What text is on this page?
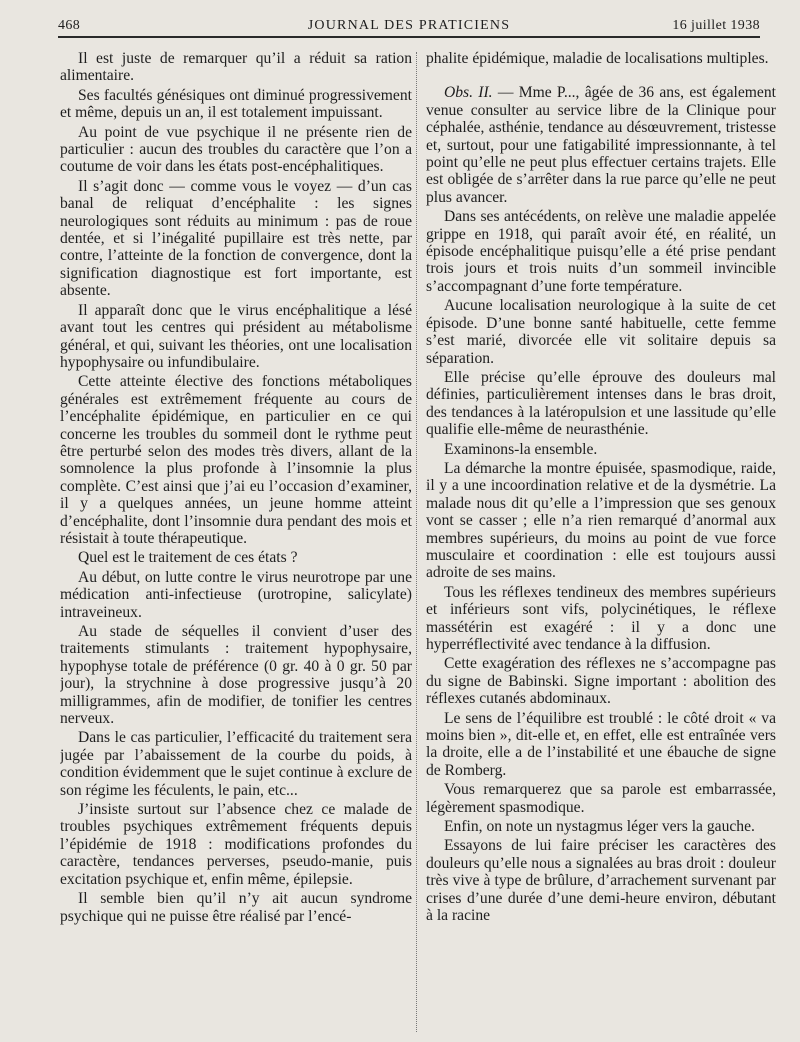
468	JOURNAL DES PRATICIENS	16 juillet 1938

Il est juste de remarquer qu’il a réduit sa ration alimentaire.

Ses facultés génésiques ont diminué progressivement et même, depuis un an, il est totalement impuissant.

Au point de vue psychique il ne présente rien de particulier : aucun des troubles du caractère que l’on a coutume de voir dans les états post-encéphalitiques.

Il s’agit donc — comme vous le voyez — d’un cas banal de reliquat d’encéphalite : les signes neurologiques sont réduits au minimum : pas de roue dentée, et si l’inégalité pupillaire est très nette, par contre, l’atteinte de la fonction de convergence, dont la signification diagnostique est fort importante, est absente.

Il apparaît donc que le virus encéphalitique a lésé avant tout les centres qui président au métabolisme général, et qui, suivant les théories, ont une localisation hypophysaire ou infundibulaire.

Cette atteinte élective des fonctions métaboliques générales est extrêmement fréquente au cours de l’encéphalite épidémique, en particulier en ce qui concerne les troubles du sommeil dont le rythme peut être perturbé selon des modes très divers, allant de la somnolence la plus profonde à l’insomnie la plus complète. C’est ainsi que j’ai eu l’occasion d’examiner, il y a quelques années, un jeune homme atteint d’encéphalite, dont l’insomnie dura pendant des mois et résistait à toute thérapeutique.

Quel est le traitement de ces états ?

Au début, on lutte contre le virus neurotrope par une médication anti-infectieuse (urotropine, salicylate) intraveineux.

Au stade de séquelles il convient d’user des traitements stimulants : traitement hypophysaire, hypophyse totale de préférence (0 gr. 40 à 0 gr. 50 par jour), la strychnine à dose progressive jusqu’à 20 milligrammes, afin de modifier, de tonifier les centres nerveux.

Dans le cas particulier, l’efficacité du traitement sera jugée par l’abaissement de la courbe du poids, à condition évidemment que le sujet continue à exclure de son régime les féculents, le pain, etc...

J’insiste surtout sur l’absence chez ce malade de troubles psychiques extrêmement fréquents depuis l’épidémie de 1918 : modifications profondes du caractère, tendances perverses, pseudo-manie, puis excitation psychique et, enfin même, épilepsie.

Il semble bien qu’il n’y ait aucun syndrome psychique qui ne puisse être réalisé par l’encé-

phalite épidémique, maladie de localisations multiples.

Obs. II. — Mme P..., âgée de 36 ans, est également venue consulter au service libre de la Clinique pour céphalée, asthénie, tendance au désœuvrement, tristesse et, surtout, pour une fatigabilité impressionnante, à tel point qu’elle ne peut plus effectuer certains trajets. Elle est obligée de s’arrêter dans la rue parce qu’elle ne peut plus avancer.

Dans ses antécédents, on relève une maladie appelée grippe en 1918, qui paraît avoir été, en réalité, un épisode encéphalitique puisqu’elle a été prise pendant trois jours et trois nuits d’un sommeil invincible s’accompagnant d’une forte température.

Aucune localisation neurologique à la suite de cet épisode. D’une bonne santé habituelle, cette femme s’est marié, divorcée elle vit solitaire depuis sa séparation.

Elle précise qu’elle éprouve des douleurs mal définies, particulièrement intenses dans le bras droit, des tendances à la latéropulsion et une lassitude qu’elle qualifie elle-même de neurasthénie.

Examinons-la ensemble.

La démarche la montre épuisée, spasmodique, raide, il y a une incoordination relative et de la dysmétrie. La malade nous dit qu’elle a l’impression que ses genoux vont se casser ; elle n’a rien remarqué d’anormal aux membres supérieurs, du moins au point de vue force musculaire et coordination : elle est toujours aussi adroite de ses mains.

Tous les réflexes tendineux des membres supérieurs et inférieurs sont vifs, polycinétiques, le réflexe massétérin est exagéré : il y a donc une hyperréflectivité avec tendance à la diffusion.

Cette exagération des réflexes ne s’accompagne pas du signe de Babinski. Signe important : abolition des réflexes cutanés abdominaux.

Le sens de l’équilibre est troublé : le côté droit « va moins bien », dit-elle et, en effet, elle est entraînée vers la droite, elle a de l’instabilité et une ébauche de signe de Romberg.

Vous remarquerez que sa parole est embarrassée, légèrement spasmodique.

Enfin, on note un nystagmus léger vers la gauche.

Essayons de lui faire préciser les caractères des douleurs qu’elle nous a signalées au bras droit : douleur très vive à type de brûlure, d’arrachement survenant par crises d’une durée d’une demi-heure environ, débutant à la racine
